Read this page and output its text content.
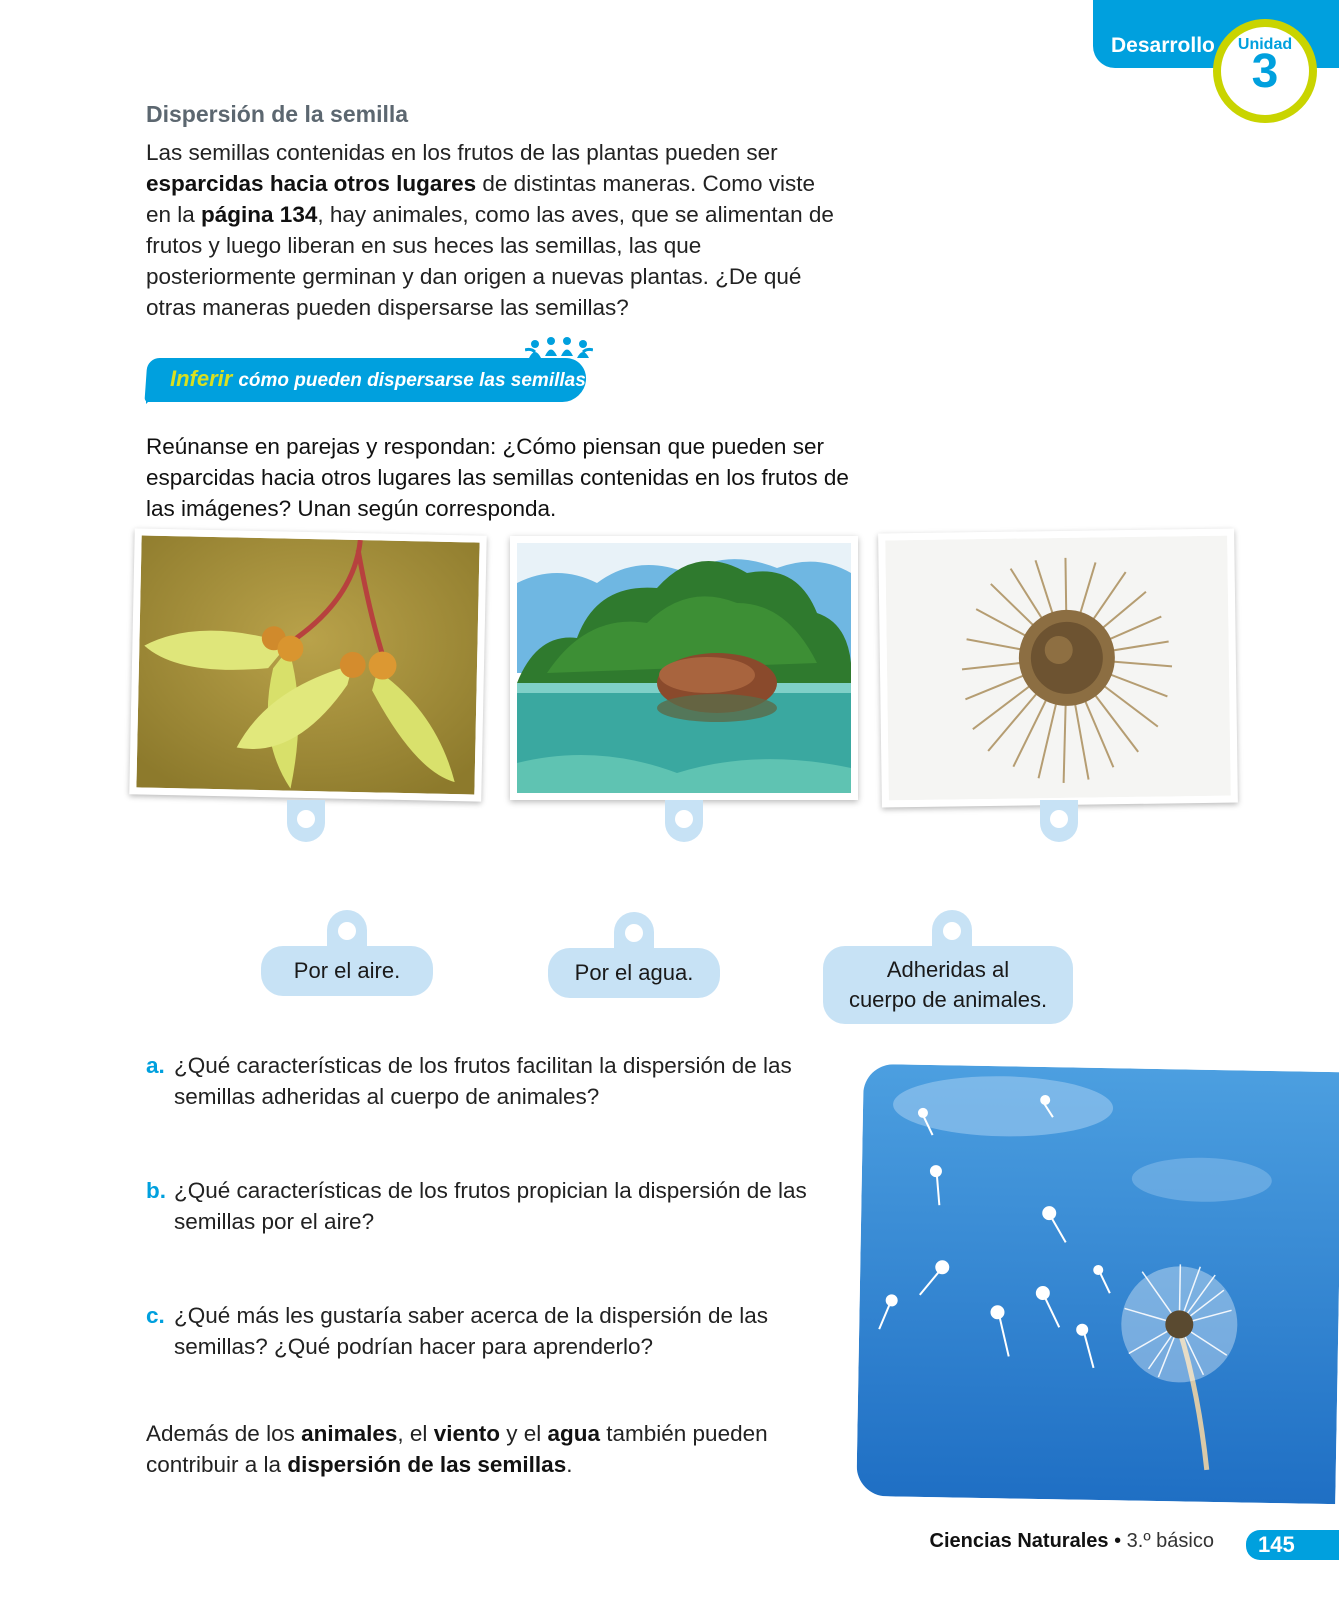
Desarrollo	Unidad
3
Dispersión de la semilla
Las semillas contenidas en los frutos de las plantas pueden ser esparcidas hacia otros lugares de distintas maneras. Como viste en la página 134, hay animales, como las aves, que se alimentan de frutos y luego liberan en sus heces las semillas, las que posteriormente germinan y dan origen a nuevas plantas. ¿De qué otras maneras pueden dispersarse las semillas?
Inferir cómo pueden dispersarse las semillas
Reúnanse en parejas y respondan: ¿Cómo piensan que pueden ser esparcidas hacia otros lugares las semillas contenidas en los frutos de las imágenes? Unan según corresponda.
Por el aire.	Por el agua.	Adheridas al
cuerpo de animales.
a. ¿Qué características de los frutos facilitan la dispersión de las semillas adheridas al cuerpo de animales?
b. ¿Qué características de los frutos propician la dispersión de las semillas por el aire?
c. ¿Qué más les gustaría saber acerca de la dispersión de las semillas? ¿Qué podrían hacer para aprenderlo?
Además de los animales, el viento y el agua también pueden contribuir a la dispersión de las semillas.
Ciencias Naturales • 3.º básico	145
